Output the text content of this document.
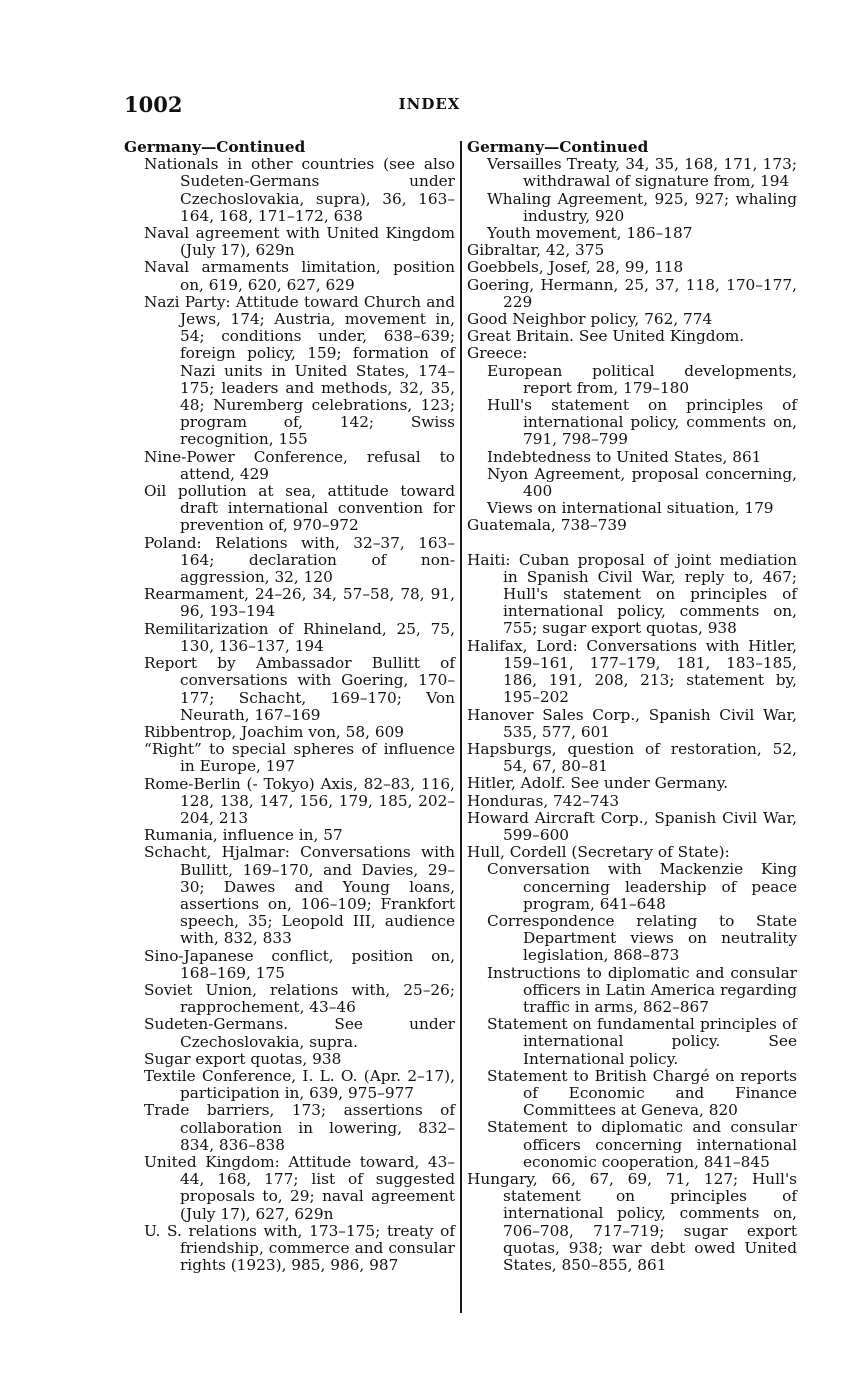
1002	INDEX

Germany—Continued

Nationals in other countries (see also Sudeten-Germans under Czechoslovakia, supra), 36, 163–164, 168, 171–172, 638

Naval agreement with United Kingdom (July 17), 629n

Naval armaments limitation, position on, 619, 620, 627, 629

Nazi Party: Attitude toward Church and Jews, 174; Austria, movement in, 54; conditions under, 638–639; foreign policy, 159; formation of Nazi units in United States, 174–175; leaders and methods, 32, 35, 48; Nuremberg celebrations, 123; program of, 142; Swiss recognition, 155

Nine-Power Conference, refusal to attend, 429

Oil pollution at sea, attitude toward draft international convention for prevention of, 970–972

Poland: Relations with, 32–37, 163–164; declaration of non-aggression, 32, 120

Rearmament, 24–26, 34, 57–58, 78, 91, 96, 193–194

Remilitarization of Rhineland, 25, 75, 130, 136–137, 194

Report by Ambassador Bullitt of conversations with Goering, 170–177; Schacht, 169–170; Von Neurath, 167–169

Ribbentrop, Joachim von, 58, 609

“Right” to special spheres of influence in Europe, 197

Rome-Berlin (- Tokyo) Axis, 82–83, 116, 128, 138, 147, 156, 179, 185, 202–204, 213

Rumania, influence in, 57

Schacht, Hjalmar: Conversations with Bullitt, 169–170, and Davies, 29–30; Dawes and Young loans, assertions on, 106–109; Frankfort speech, 35; Leopold III, audience with, 832, 833

Sino-Japanese conflict, position on, 168–169, 175

Soviet Union, relations with, 25–26; rapprochement, 43–46

Sudeten-Germans. See under Czechoslovakia, supra.

Sugar export quotas, 938

Textile Conference, I. L. O. (Apr. 2–17), participation in, 639, 975–977

Trade barriers, 173; assertions of collaboration in lowering, 832–834, 836–838

United Kingdom: Attitude toward, 43–44, 168, 177; list of suggested proposals to, 29; naval agreement (July 17), 627, 629n

U. S. relations with, 173–175; treaty of friendship, commerce and consular rights (1923), 985, 986, 987

Germany—Continued

Versailles Treaty, 34, 35, 168, 171, 173; withdrawal of signature from, 194

Whaling Agreement, 925, 927; whaling industry, 920

Youth movement, 186–187

Gibraltar, 42, 375

Goebbels, Josef, 28, 99, 118

Goering, Hermann, 25, 37, 118, 170–177, 229

Good Neighbor policy, 762, 774

Great Britain. See United Kingdom.

Greece:

European political developments, report from, 179–180

Hull's statement on principles of international policy, comments on, 791, 798–799

Indebtedness to United States, 861

Nyon Agreement, proposal concerning, 400

Views on international situation, 179

Guatemala, 738–739

Haiti: Cuban proposal of joint mediation in Spanish Civil War, reply to, 467; Hull's statement on principles of international policy, comments on, 755; sugar export quotas, 938

Halifax, Lord: Conversations with Hitler, 159–161, 177–179, 181, 183–185, 186, 191, 208, 213; statement by, 195–202

Hanover Sales Corp., Spanish Civil War, 535, 577, 601

Hapsburgs, question of restoration, 52, 54, 67, 80–81

Hitler, Adolf. See under Germany.

Honduras, 742–743

Howard Aircraft Corp., Spanish Civil War, 599–600

Hull, Cordell (Secretary of State):

Conversation with Mackenzie King concerning leadership of peace program, 641–648

Correspondence relating to State Department views on neutrality legislation, 868–873

Instructions to diplomatic and consular officers in Latin America regarding traffic in arms, 862–867

Statement on fundamental principles of international policy. See International policy.

Statement to British Chargé on reports of Economic and Finance Committees at Geneva, 820

Statement to diplomatic and consular officers concerning international economic cooperation, 841–845

Hungary, 66, 67, 69, 71, 127; Hull's statement on principles of international policy, comments on, 706–708, 717–719; sugar export quotas, 938; war debt owed United States, 850–855, 861
